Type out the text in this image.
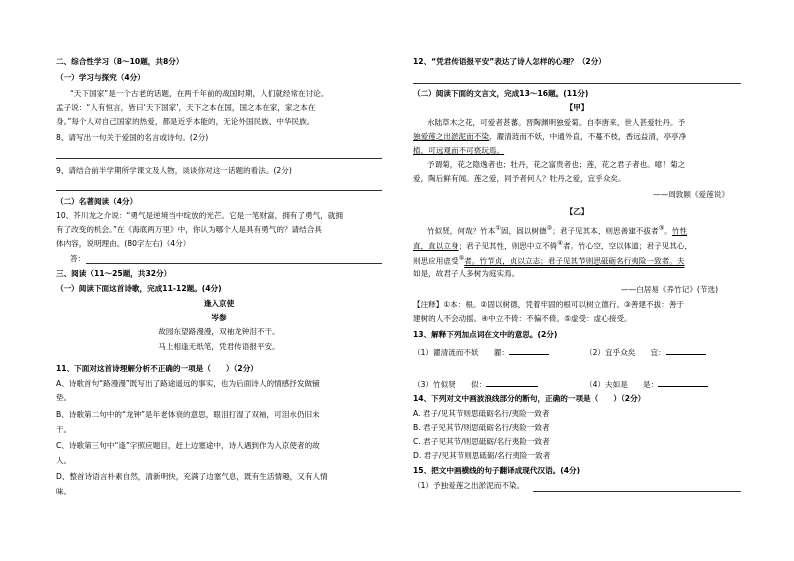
二、综合性学习（8～10题，共8分）
（一）学习与探究（4分）
“天下国家”是一个古老的话题，在两千年前的战国时期，人们就经常在讨论。
孟子说：“人有恒言，皆曰‘天下国家’，天下之本在国，国之本在家，家之本在
身。”每个人对自己国家的热爱，都是近乎本能的，无论外国民族、中华民族。
8、请写出一句关于爱国的名言或诗句。(2分)
9、请结合前半学期所学课文及人物，谈谈你对这一话题的看法。(2分)
（二）名著阅读（4分）
10、芥川龙之介说：“勇气是逆境当中绽放的光芒。它是一笔财富，拥有了勇气，就拥
有了改变的机会。”在《海底两万里》中，你认为哪个人是具有勇气的？请结合具
体内容，说明理由。(80字左右)（4分）
答：
三、阅读（11～25题，共32分）
（一）阅读下面这首诗歌，完成11-12题。(4分)
逢入京使
岑参
故园东望路漫漫，双袖龙钟泪不干。
马上相逢无纸笔，凭君传语报平安。
11、下面对这首诗理解分析不正确的一项是（　　）（2分）
A、诗歌首句“路漫漫”既写出了路途遥远的事实，也为后面诗人的情感抒发做铺
垫。
B、诗歌第二句中的“龙钟”是年老体衰的意思，眼泪打湿了双袖，可泪水仍旧未
干。
C、诗歌第三句中“逢”字照应题目，赶上边塞途中，诗人遇到作为入京使者的故
人。
D、整首诗语言朴素自然，清新明快，充满了边塞气息，既有生活情趣，又有人情
味。
12、“凭君传语报平安”表达了诗人怎样的心理？（2分）
（二）阅读下面的文言文，完成13～16题。(11分)
【甲】
水陆草木之花，可爱者甚蕃。晋陶渊明独爱菊。自李唐来，世人甚爱牡丹。予
独爱莲之出淤泥而不染，濯清涟而不妖，中通外直，不蔓不枝，香远益清，亭亭净
植，可远观而不可亵玩焉。
予谓菊，花之隐逸者也；牡丹，花之富贵者也；莲，花之君子者也。噫！菊之
爱，陶后鲜有闻。莲之爱，同予者何人？牡丹之爱，宜乎众矣。
——周敦颐《爱莲说》
【乙】
竹似贤，何哉？竹本①固，固以树德②；君子见其本，则思善建不拔者③。竹性
直，直以立身；君子见其性，则思中立不倚④者。竹心空，空以体道；君子见其心，
则思应用虚受⑤者。竹节贞，贞以立志；君子见其节则思砥砺名行夷险一致者。夫
如是，故君子人多树为庭实焉。
——白居易《养竹记》(节选)
【注释】①本：根。②固以树德，凭着牢固的根可以树立德行。③善建不拔：善于
建树的人不会动摇。④中立不倚：不偏不倚。⑤虚受：虚心接受。
13、解释下列加点词在文中的意思。(2分)
（1）濯清涟而不妖　　濯：	（2）宜乎众矣　　宜：
（3）竹似贤　　似：	（4）夫如是　　是：
14、下列对文中画波浪线部分的断句，正确的一项是（　　）（2分）
A. 君子/见其节则思砥砺名行/夷险一致者
B. 君子见其节/则思砥砺名行/夷险一致者
C. 君子见其节/则思砥砺/名行夷险一致者
D. 君子/见其节则思砥砺/名行夷险一致者
15、把文中画横线的句子翻译成现代汉语。(4分)
（1）予独爱莲之出淤泥而不染。
